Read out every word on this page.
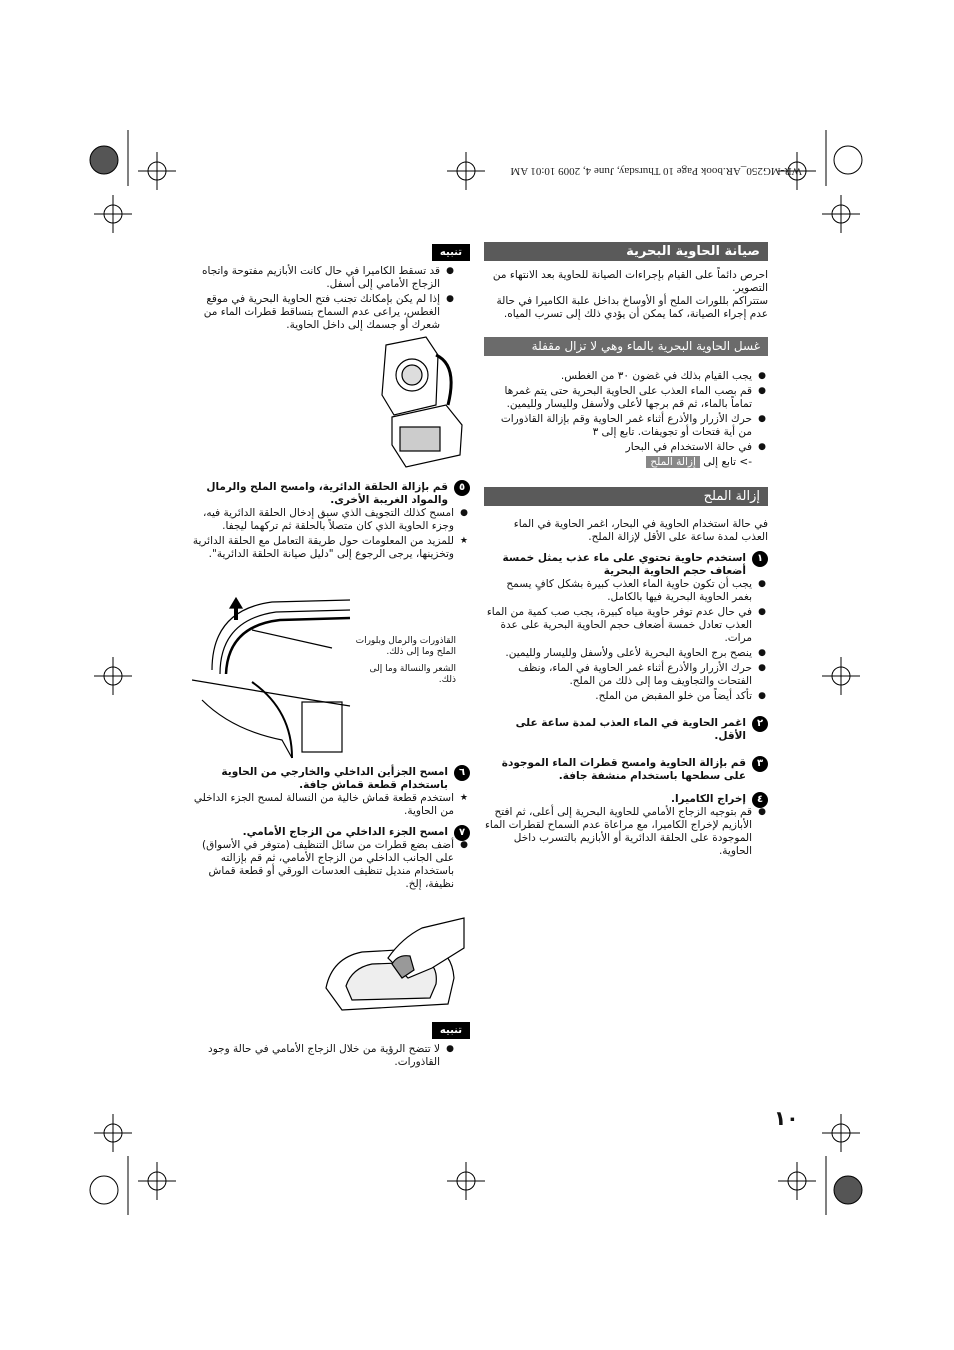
WR-MG250_AR.book Page 10 Thursday, June 4, 2009 10:01 AM
صيانة الحاوية البحرية
احرص دائماً على القيام بإجراءات الصيانة للحاوية بعد الانتهاء من التصوير.
ستتراكم بللورات الملح أو الأوساخ بداخل علبة الكاميرا في حالة عدم إجراء الصيانة، كما يمكن أن يؤدي ذلك إلى تسرب المياه.
غسل الحاوية البحرية بالماء وهي لا تزال مقفلة
● يجب القيام بذلك في غضون ٣٠ من الغطس.
● قم بصب الماء العذب على الحاوية البحرية حتى يتم غمرها تماماً بالماء، ثم قم برجها لأعلى ولأسفل ولليسار ولليمين.
● حرك الأزرار والأذرع أثناء غمر الحاوية وقم بإزالة القاذورات من أية فتحات أو تجويفات. تابع إلى ٣
● في حالة الاستخدام في البحار
-> تابع إلى إزالة الملح
إزالة الملح
في حالة استخدام الحاوية في البحار، اغمر الحاوية في الماء العذب لمدة ساعة على الأقل لإزالة الملح.
١
استخدم حاوية تحتوي على ماء عذب يمثل خمسة أضعاف حجم الحاوية البحرية
● يجب أن تكون حاوية الماء العذب كبيرة بشكل كافٍ يسمح بغمر الحاوية البحرية فيها بالكامل.
● في حال عدم توفر حاوية مياه كبيرة، يجب صب كمية من الماء العذب تعادل خمسة أضعاف حجم الحاوية البحرية على عدة مرات.
● ينصح برج الحاوية البحرية لأعلى ولأسفل ولليسار ولليمين.
● حرك الأزرار والأذرع أثناء غمر الحاوية في الماء، ونظف الفتحات والتجاويف وما إلى ذلك من الملح.
● تأكد أيضاً من خلو المقبض من الملح.
٢
اغمر الحاوية في الماء العذب لمدة ساعة على الأقل.
٣
قم بإزالة الحاوية وامسح قطرات الماء الموجودة على سطحها باستخدام منشفة جافة.
٤
إخراج الكاميرا.
● قم بتوجيه الزجاج الأمامي للحاوية البحرية إلى أعلى، ثم افتح الأبازيم لإخراج الكاميرا، مع مراعاة عدم السماح لقطرات الماء الموجودة على الحلقة الدائرية أو الأبازيم بالتسرب داخل الحاوية.
تنبيه
● قد تسقط الكاميرا في حال كانت الأبازيم مفتوحة واتجاه الزجاج الأمامي إلى أسفل.
● إذا لم يكن بإمكانك تجنب فتح الحاوية البحرية في موقع الغطس، يراعى عدم السماح بتساقط قطرات الماء من شعرك أو جسمك إلى داخل الحاوية.
٥
قم بإزالة الحلقة الدائرية، وامسح الملح والرمال والمواد الغريبة الأخرى.
● امسح كذلك التجويف الذي سبق إدخال الحلقة الدائرية فيه، وجزء الحاوية الذي كان متصلاً بالحلقة ثم تركهما ليجفا.
★ للمزيد من المعلومات حول طريقة التعامل مع الحلقة الدائرية وتخزينها، يرجى الرجوع إلى "دليل صيانة الحلقة الدائرية".
القاذورات والرمال وبلورات الملح وما إلى ذلك.
الشعر والنسالة وما إلى ذلك.
٦
امسح الجزأين الداخلي والخارجي من الحاوية باستخدام قطعة قماش جافة.
★ استخدم قطعة قماش خالية من النسالة لمسح الجزء الداخلي من الحاوية.
٧
امسح الجزء الداخلي من الزجاج الأمامي.
● أضف بضع قطرات من سائل التنظيف (متوفر في الأسواق) على الجانب الداخلي من الزجاج الأمامي، ثم قم بإزالته باستخدام منديل تنظيف العدسات الورقي أو قطعة قماش نظيفة، إلخ.
تنبيه
● لا تتضح الرؤية من خلال الزجاج الأمامي في حالة وجود القاذورات.
١٠
